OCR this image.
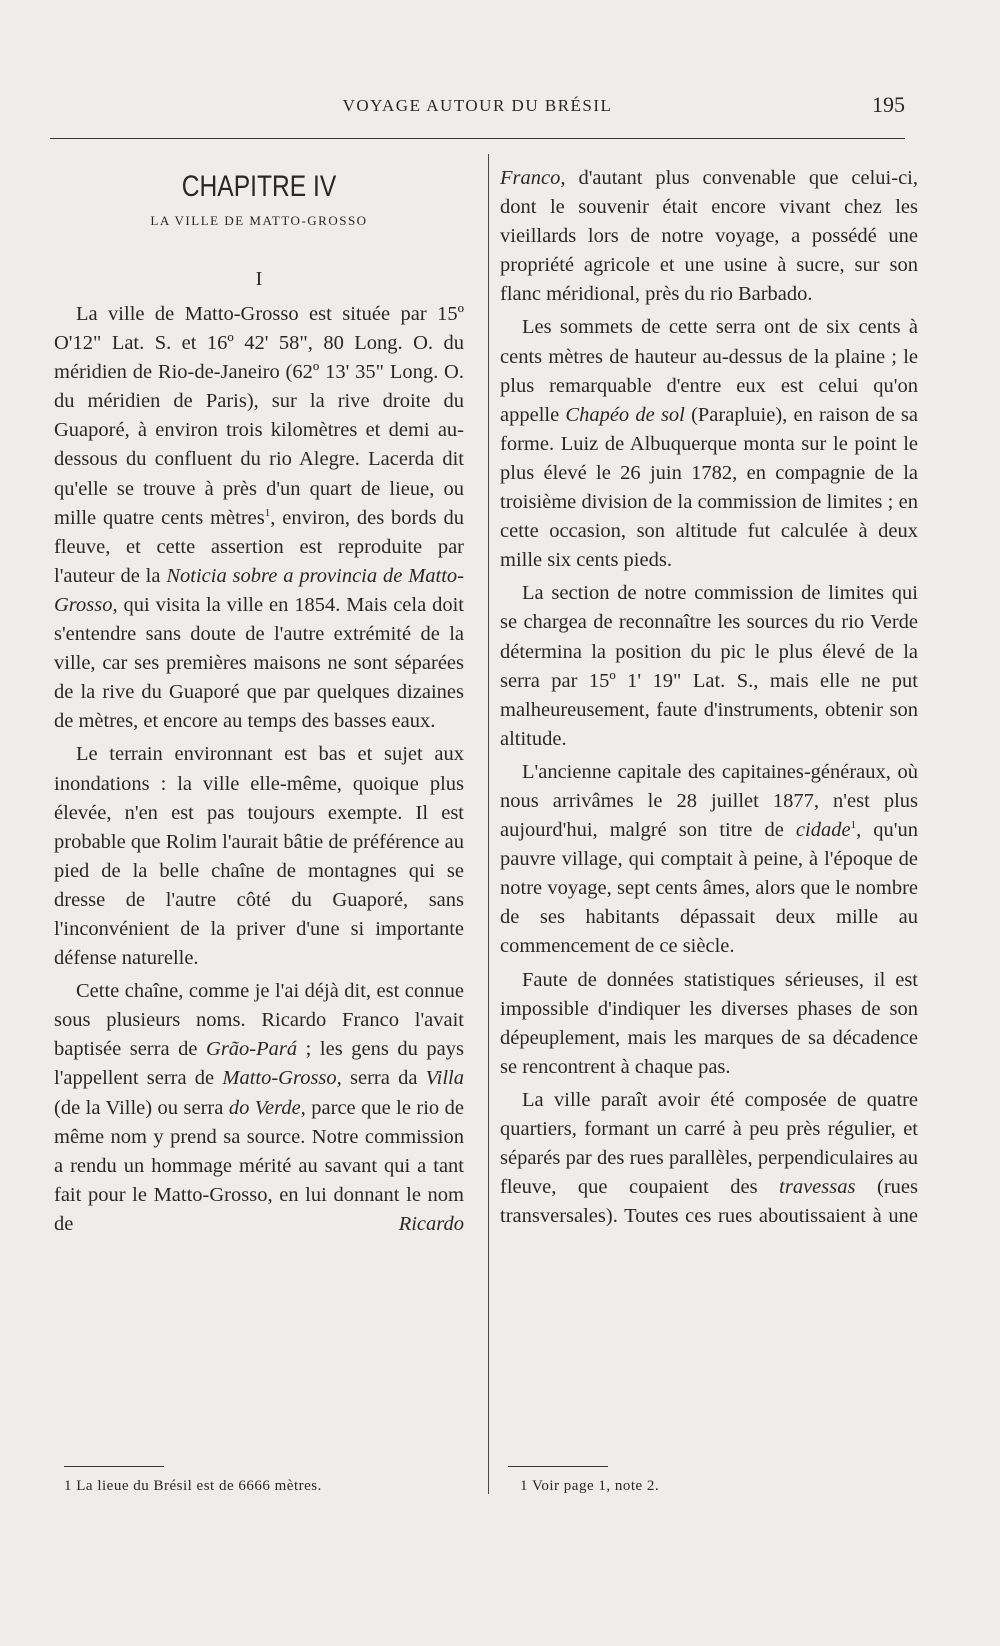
VOYAGE AUTOUR DU BRÉSIL	195
CHAPITRE IV
LA VILLE DE MATTO-GROSSO
I

La ville de Matto-Grosso est située par 15º O'12" Lat. S. et 16º 42' 58", 80 Long. O. du méridien de Rio-de-Janeiro (62º 13' 35" Long. O. du méridien de Paris), sur la rive droite du Guaporé, à environ trois kilomètres et demi au-dessous du confluent du rio Alegre. Lacerda dit qu'elle se trouve à près d'un quart de lieue, ou mille quatre cents mètres$^1$, environ, des bords du fleuve, et cette assertion est reproduite par l'auteur de la Noticia sobre a provincia de Matto-Grosso, qui visita la ville en 1854. Mais cela doit s'entendre sans doute de l'autre extrémité de la ville, car ses premières maisons ne sont séparées de la rive du Guaporé que par quelques dizaines de mètres, et encore au temps des basses eaux.

Le terrain environnant est bas et sujet aux inondations : la ville elle-même, quoique plus élevée, n'en est pas toujours exempte. Il est probable que Rolim l'aurait bâtie de préférence au pied de la belle chaîne de montagnes qui se dresse de l'autre côté du Guaporé, sans l'inconvénient de la priver d'une si importante défense naturelle.

Cette chaîne, comme je l'ai déjà dit, est connue sous plusieurs noms. Ricardo Franco l'avait baptisée serra de Grão-Pará ; les gens du pays l'appellent serra de Matto-Grosso, serra da Villa (de la Ville) ou serra do Verde, parce que le rio de même nom y prend sa source. Notre commission a rendu un hommage mérité au savant qui a tant fait pour le Matto-Grosso, en lui donnant le nom de Ricardo

Franco, d'autant plus convenable que celui-ci, dont le souvenir était encore vivant chez les vieillards lors de notre voyage, a possédé une propriété agricole et une usine à sucre, sur son flanc méridional, près du rio Barbado.

Les sommets de cette serra ont de six cents à cents mètres de hauteur au-dessus de la plaine ; le plus remarquable d'entre eux est celui qu'on appelle Chapéo de sol (Parapluie), en raison de sa forme. Luiz de Albuquerque monta sur le point le plus élevé le 26 juin 1782, en compagnie de la troisième division de la commission de limites ; en cette occasion, son altitude fut calculée à deux mille six cents pieds.

La section de notre commission de limites qui se chargea de reconnaître les sources du rio Verde détermina la position du pic le plus élevé de la serra par 15º 1' 19" Lat. S., mais elle ne put malheureusement, faute d'instruments, obtenir son altitude.

L'ancienne capitale des capitaines-généraux, où nous arrivâmes le 28 juillet 1877, n'est plus aujourd'hui, malgré son titre de cidade$^1$, qu'un pauvre village, qui comptait à peine, à l'époque de notre voyage, sept cents âmes, alors que le nombre de ses habitants dépassait deux mille au commencement de ce siècle.

Faute de données statistiques sérieuses, il est impossible d'indiquer les diverses phases de son dépeuplement, mais les marques de sa décadence se rencontrent à chaque pas.

La ville paraît avoir été composée de quatre quartiers, formant un carré à peu près régulier, et séparés par des rues parallèles, perpendiculaires au fleuve, que coupaient des travessas (rues transversales). Toutes ces rues aboutissaient à une

1 La lieue du Brésil est de 6666 mètres.	1 Voir page 1, note 2.
